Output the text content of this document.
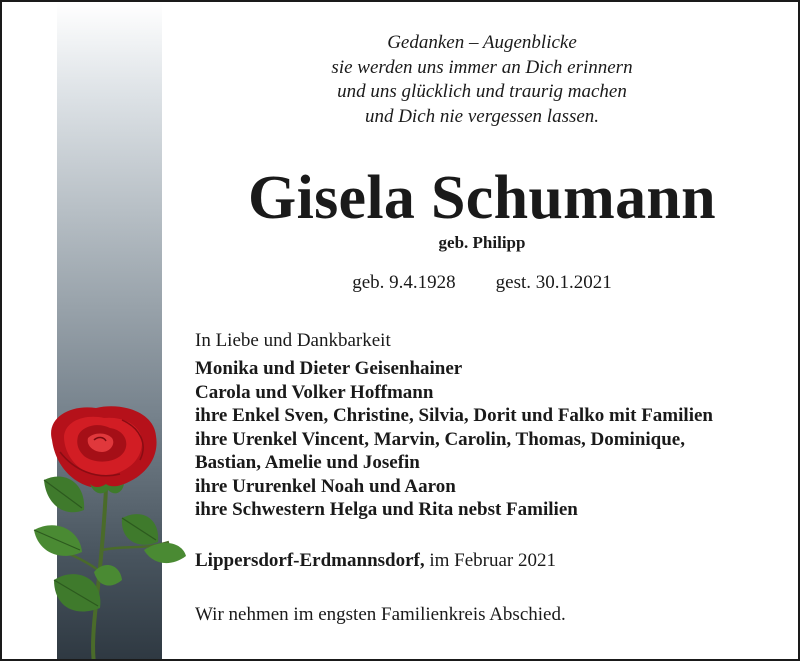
Gedanken – Augenblicke
sie werden uns immer an Dich erinnern
und uns glücklich und traurig machen
und Dich nie vergessen lassen.
Gisela Schumann
geb. Philipp
geb. 9.4.1928 gest. 30.1.2021
In Liebe und Dankbarkeit
Monika und Dieter Geisenhainer
Carola und Volker Hoffmann
ihre Enkel Sven, Christine, Silvia, Dorit und Falko mit Familien
ihre Urenkel Vincent, Marvin, Carolin, Thomas, Dominique,
Bastian, Amelie und Josefin
ihre Ururenkel Noah und Aaron
ihre Schwestern Helga und Rita nebst Familien
Lippersdorf-Erdmannsdorf, im Februar 2021
Wir nehmen im engsten Familienkreis Abschied.
